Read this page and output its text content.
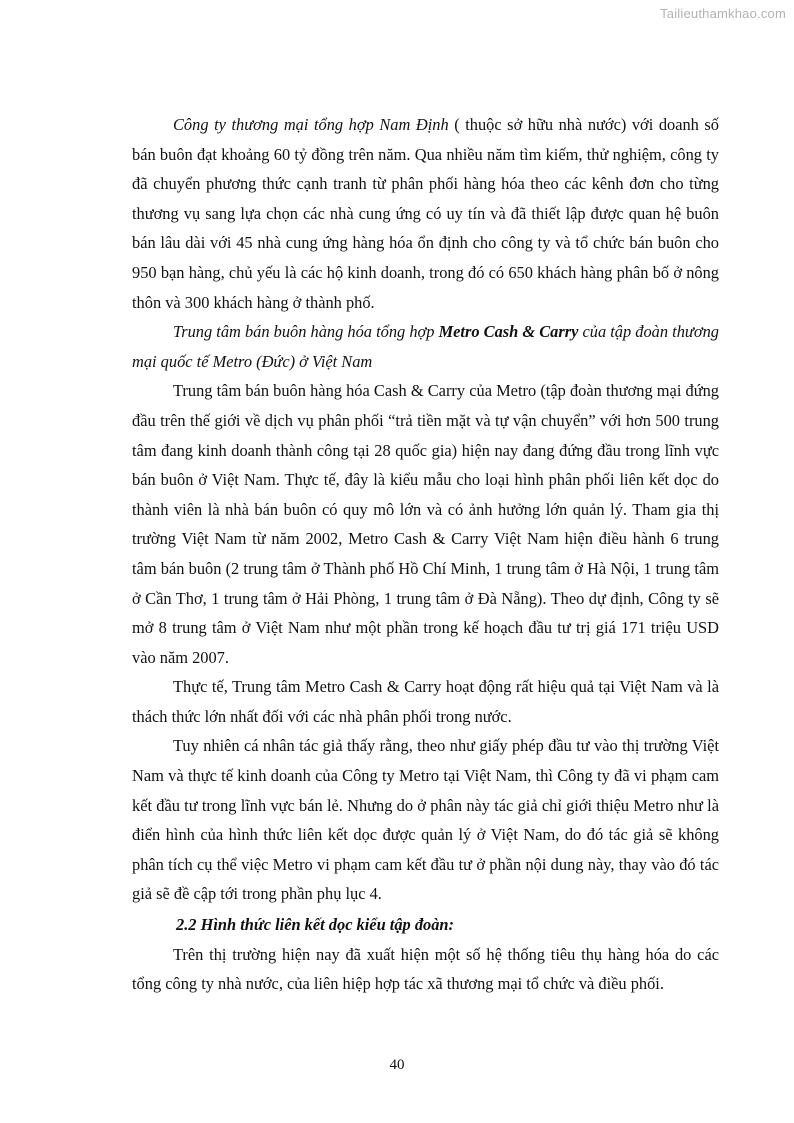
Tailieuthamkhao.com

Công ty thương mại tổng hợp Nam Định ( thuộc sở hữu nhà nước) với doanh số bán buôn đạt khoảng 60 tỷ đồng trên năm. Qua nhiều năm tìm kiếm, thử nghiệm, công ty đã chuyển phương thức cạnh tranh từ phân phối hàng hóa theo các kênh đơn cho từng thương vụ sang lựa chọn các nhà cung ứng có uy tín và đã thiết lập được quan hệ buôn bán lâu dài với 45 nhà cung ứng hàng hóa ổn định cho công ty và tổ chức bán buôn cho 950 bạn hàng, chủ yếu là các hộ kinh doanh, trong đó có 650 khách hàng phân bố ở nông thôn và 300 khách hàng ở thành phố.

Trung tâm bán buôn hàng hóa tổng hợp Metro Cash & Carry của tập đoàn thương mại quốc tế Metro (Đức) ở Việt Nam

Trung tâm bán buôn hàng hóa Cash & Carry của Metro (tập đoàn thương mại đứng đầu trên thế giới về dịch vụ phân phối “trả tiền mặt và tự vận chuyển” với hơn 500 trung tâm đang kinh doanh thành công tại 28 quốc gia) hiện nay đang đứng đầu trong lĩnh vực bán buôn ở Việt Nam. Thực tế, đây là kiểu mẫu cho loại hình phân phối liên kết dọc do thành viên là nhà bán buôn có quy mô lớn và có ảnh hưởng lớn quản lý. Tham gia thị trường Việt Nam từ năm 2002, Metro Cash & Carry Việt Nam hiện điều hành 6 trung tâm bán buôn (2 trung tâm ở Thành phố Hồ Chí Minh, 1 trung tâm ở Hà Nội, 1 trung tâm ở Cần Thơ, 1 trung tâm ở Hải Phòng, 1 trung tâm ở Đà Nẵng). Theo dự định, Công ty sẽ mở 8 trung tâm ở Việt Nam như một phần trong kế hoạch đầu tư trị giá 171 triệu USD vào năm 2007.

Thực tế, Trung tâm Metro Cash & Carry hoạt động rất hiệu quả tại Việt Nam và là thách thức lớn nhất đối với các nhà phân phối trong nước.

Tuy nhiên cá nhân tác giả thấy rằng, theo như giấy phép đầu tư vào thị trường Việt Nam và thực tế kinh doanh của Công ty Metro tại Việt Nam, thì Công ty đã vi phạm cam kết đầu tư trong lĩnh vực bán lẻ. Nhưng do ở phân này tác giả chỉ giới thiệu Metro như là điển hình của hình thức liên kết dọc được quản lý ở Việt Nam, do đó tác giả sẽ không phân tích cụ thể việc Metro vi phạm cam kết đầu tư ở phần nội dung này, thay vào đó tác giả sẽ đề cập tới trong phần phụ lục 4.

2.2 Hình thức liên kết dọc kiểu tập đoàn:

Trên thị trường hiện nay đã xuất hiện một số hệ thống tiêu thụ hàng hóa do các tổng công ty nhà nước, của liên hiệp hợp tác xã thương mại tổ chức và điều phối.

40
